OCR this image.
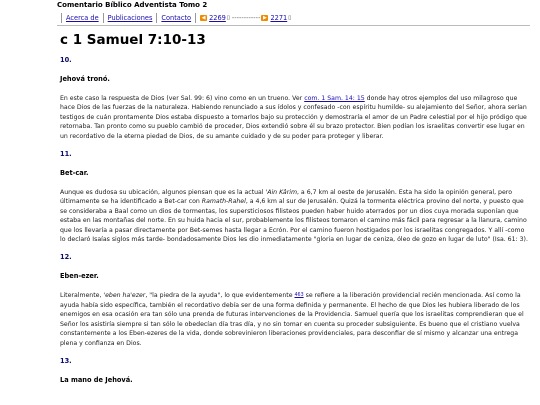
Comentario Bíblico Adventista Tomo 2
Acerca de Publicaciones Contacto	◀ 2269 ▯ ------------ ▶ 2271 ▯
c 1 Samuel 7:10-13
10.
Jehová tronó.

En este caso la respuesta de Dios (ver Sal. 99: 6) vino como en un trueno. Ver com. 1 Sam. 14: 15 donde hay otros ejemplos del uso milagroso que hace Dios de las fuerzas de la naturaleza. Habiendo renunciado a sus ídolos y confesado -con espíritu humilde- su alejamiento del Señor, ahora serían testigos de cuán prontamente Dios estaba dispuesto a tomarlos bajo su protección y demostraría el amor de un Padre celestial por el hijo pródigo que retornaba. Tan pronto como su pueblo cambió de proceder, Dios extendió sobre él su brazo protector. Bien podían los israelitas convertir ese lugar en un recordativo de la eterna piedad de Dios, de su amante cuidado y de su poder para proteger y liberar.

11.
Bet-car.

Aunque es dudosa su ubicación, algunos piensan que es la actual 'Ain Kârim, a 6,7 km al oeste de Jerusalén. Esta ha sido la opinión general, pero últimamente se ha identificado a Bet-car con Ramath-Rahel, a 4,6 km al sur de Jerusalén. Quizá la tormenta eléctrica provino del norte, y puesto que se consideraba a Baal como un dios de tormentas, los supersticiosos filisteos pueden haber huido aterrados por un dios cuya morada suponían que estaba en las montañas del norte. En su huida hacia el sur, probablemente los filisteos tomaron el camino más fácil para regresar a la llanura, camino que los llevaría a pasar directamente por Bet-semes hasta llegar a Ecrón. Por el camino fueron hostigados por los israelitas congregados. Y allí -como lo declaró Isaías siglos más tarde- bondadosamente Dios les dio inmediatamente "gloria en lugar de ceniza, óleo de gozo en lugar de luto" (Isa. 61: 3).

12.
Eben-ezer.

Literalmente, 'eben ha'ezer, "la piedra de la ayuda", lo que evidentemente 463 se refiere a la liberación providencial recién mencionada. Así como la ayuda había sido específica, también el recordativo debía ser de una forma definida y permanente. El hecho de que Dios les hubiera liberado de los enemigos en esa ocasión era tan sólo una prenda de futuras intervenciones de la Providencia. Samuel quería que los israelitas comprendieran que el Señor los asistiría siempre si tan sólo le obedecían día tras día, y no sin tomar en cuenta su proceder subsiguiente. Es bueno que el cristiano vuelva constantemente a los Eben-ezeres de la vida, donde sobrevinieron liberaciones providenciales, para desconfiar de sí mismo y alcanzar una entrega plena y confianza en Dios.

13.
La mano de Jehová.
